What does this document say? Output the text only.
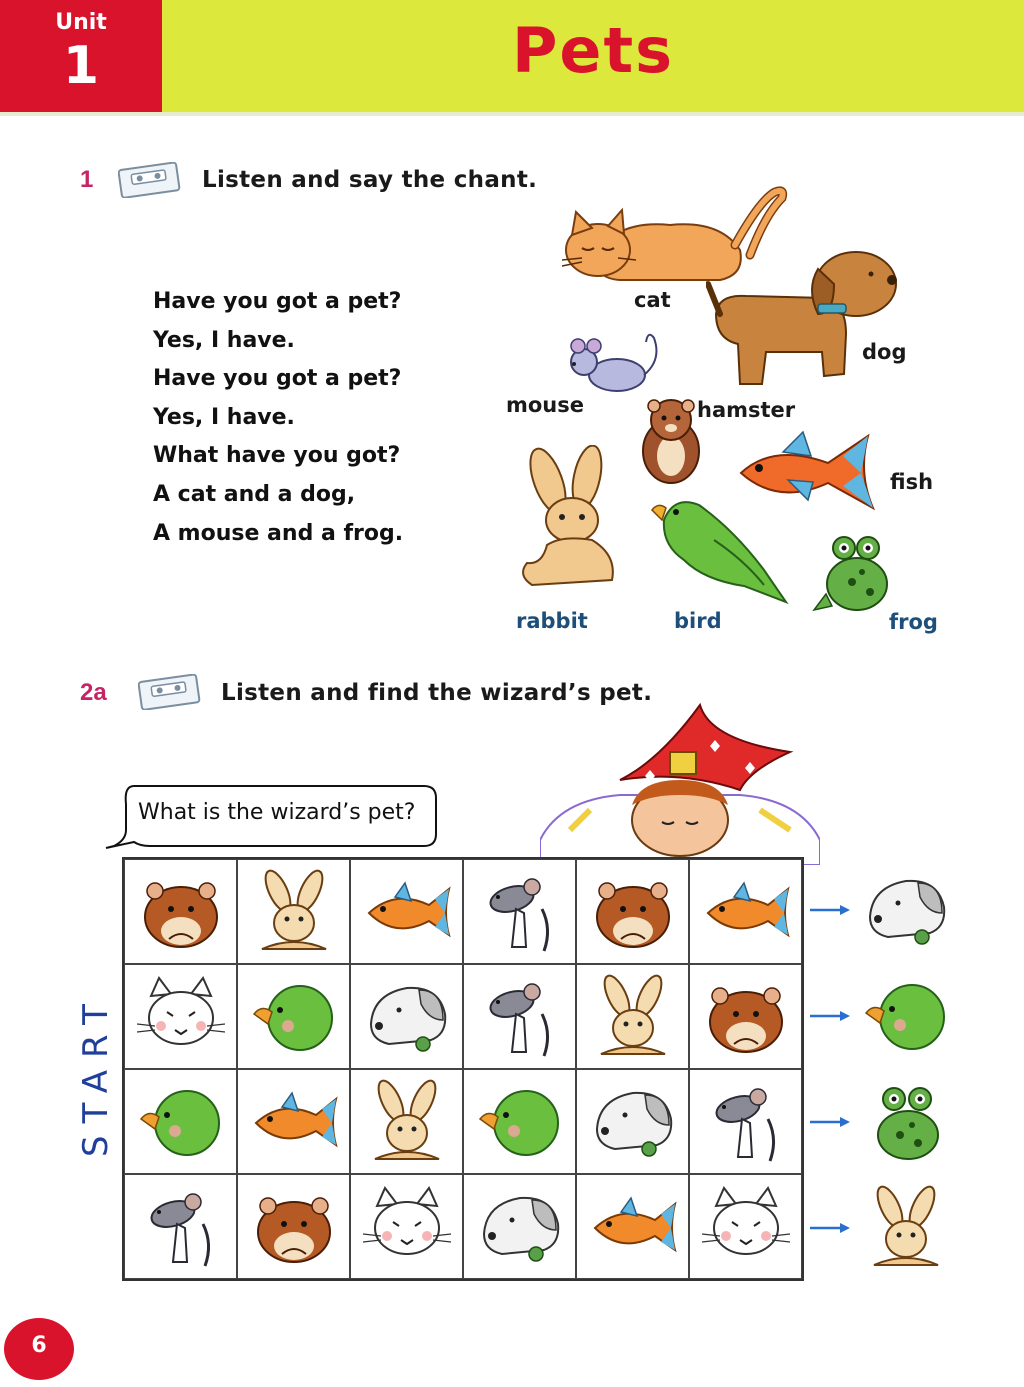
Unit
1	Pets
1	Listen and say the chant.
Have you got a pet?
Yes, I have.
Have you got a pet?
Yes, I have.
What have you got?
A cat and a dog,
A mouse and a frog.
cat
dog
mouse	hamster
fish
rabbit	bird	frog
2a	Listen and find the wizard’s pet.
What is the wizard’s pet?
START
6
